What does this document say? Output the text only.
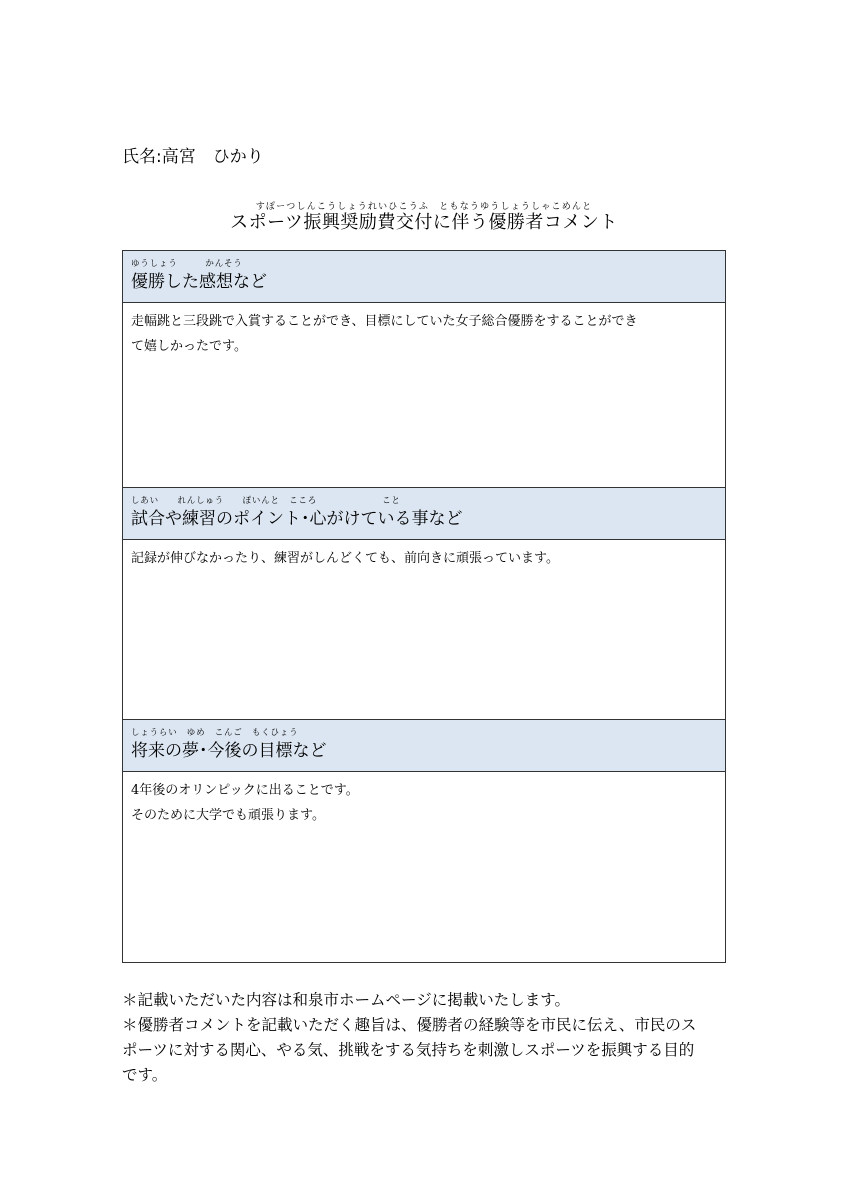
氏名:高宮　ひかり
すぽーつしんこうしょうれいひこうふ　ともなうゆうしょうしゃこめんと
スポーツ振興奨励費交付に伴う優勝者コメント
ゆうしょう　　　かんそう
優勝した感想など

走幅跳と三段跳で入賞することができ、目標にしていた女子総合優勝をすることができ

て嬉しかったです。

しあい　　れんしゅう　　ぽいんと　こころ　　　　　　　こと
試合や練習のポイント･心がけている事など

記録が伸びなかったり、練習がしんどくても、前向きに頑張っています。

しょうらい　ゆめ　こんご　もくひょう
将来の夢･今後の目標など

4年後のオリンピックに出ることです。

そのために大学でも頑張ります。

＊記載いただいた内容は和泉市ホームページに掲載いたします。

＊優勝者コメントを記載いただく趣旨は、優勝者の経験等を市民に伝え、市民のス

ポーツに対する関心、やる気、挑戦をする気持ちを刺激しスポーツを振興する目的

です。
